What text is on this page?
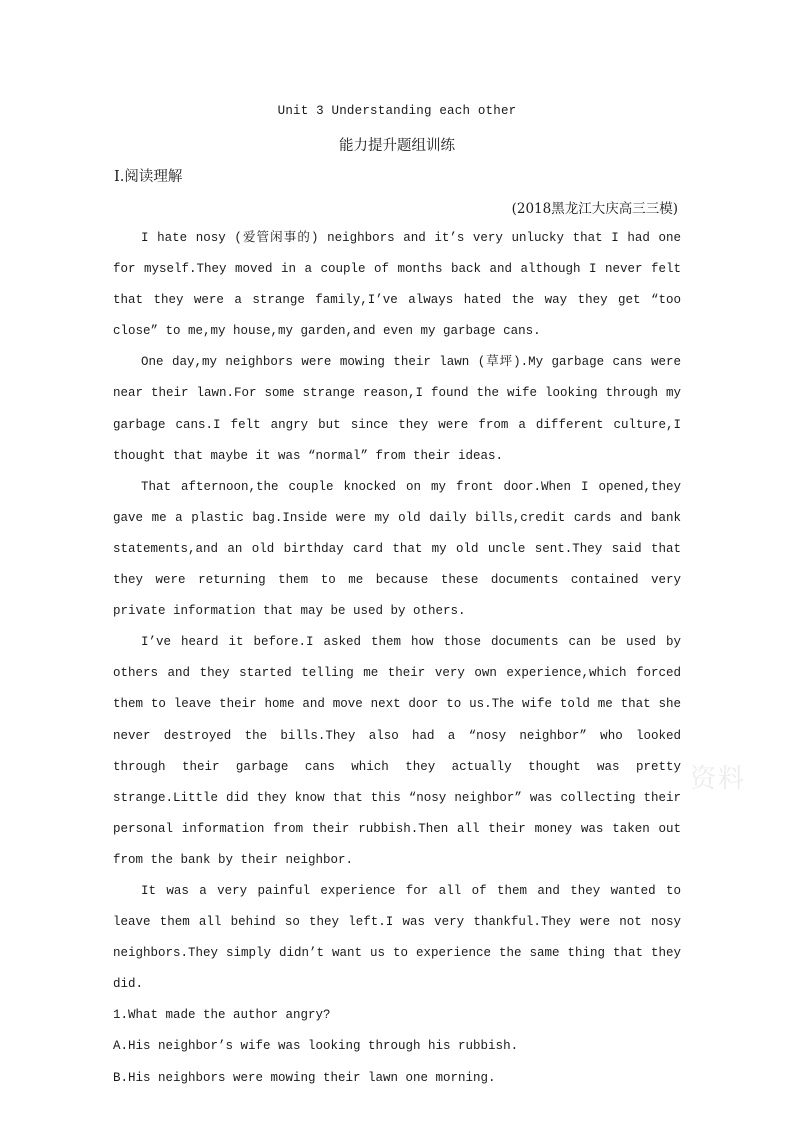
Unit 3 Understanding each other
能力提升题组训练
Ⅰ.阅读理解
(2018黑龙江大庆高三三模)

I hate nosy (爱管闲事的) neighbors and it’s very unlucky that I had one for myself.They moved in a couple of months back and although I never felt that they were a strange family,I’ve always hated the way they get “too close” to me,my house,my garden,and even my garbage cans.

One day,my neighbors were mowing their lawn (草坪).My garbage cans were near their lawn.For some strange reason,I found the wife looking through my garbage cans.I felt angry but since they were from a different culture,I thought that maybe it was “normal” from their ideas.

That afternoon,the couple knocked on my front door.When I opened,they gave me a plastic bag.Inside were my old daily bills,credit cards and bank statements,and an old birthday card that my old uncle sent.They said that they were returning them to me because these documents contained very private information that may be used by others.

I’ve heard it before.I asked them how those documents can be used by others and they started telling me their very own experience,which forced them to leave their home and move next door to us.The wife told me that she never destroyed the bills.They also had a “nosy neighbor” who looked through their garbage cans which they actually thought was pretty strange.Little did they know that this “nosy neighbor” was collecting their personal information from their rubbish.Then all their money was taken out from the bank by their neighbor.

It was a very painful experience for all of them and they wanted to leave them all behind so they left.I was very thankful.They were not nosy neighbors.They simply didn’t want us to experience the same thing that they did.

1.What made the author angry?

A.His neighbor’s wife was looking through his rubbish.

B.His neighbors were mowing their lawn one morning.

资料
